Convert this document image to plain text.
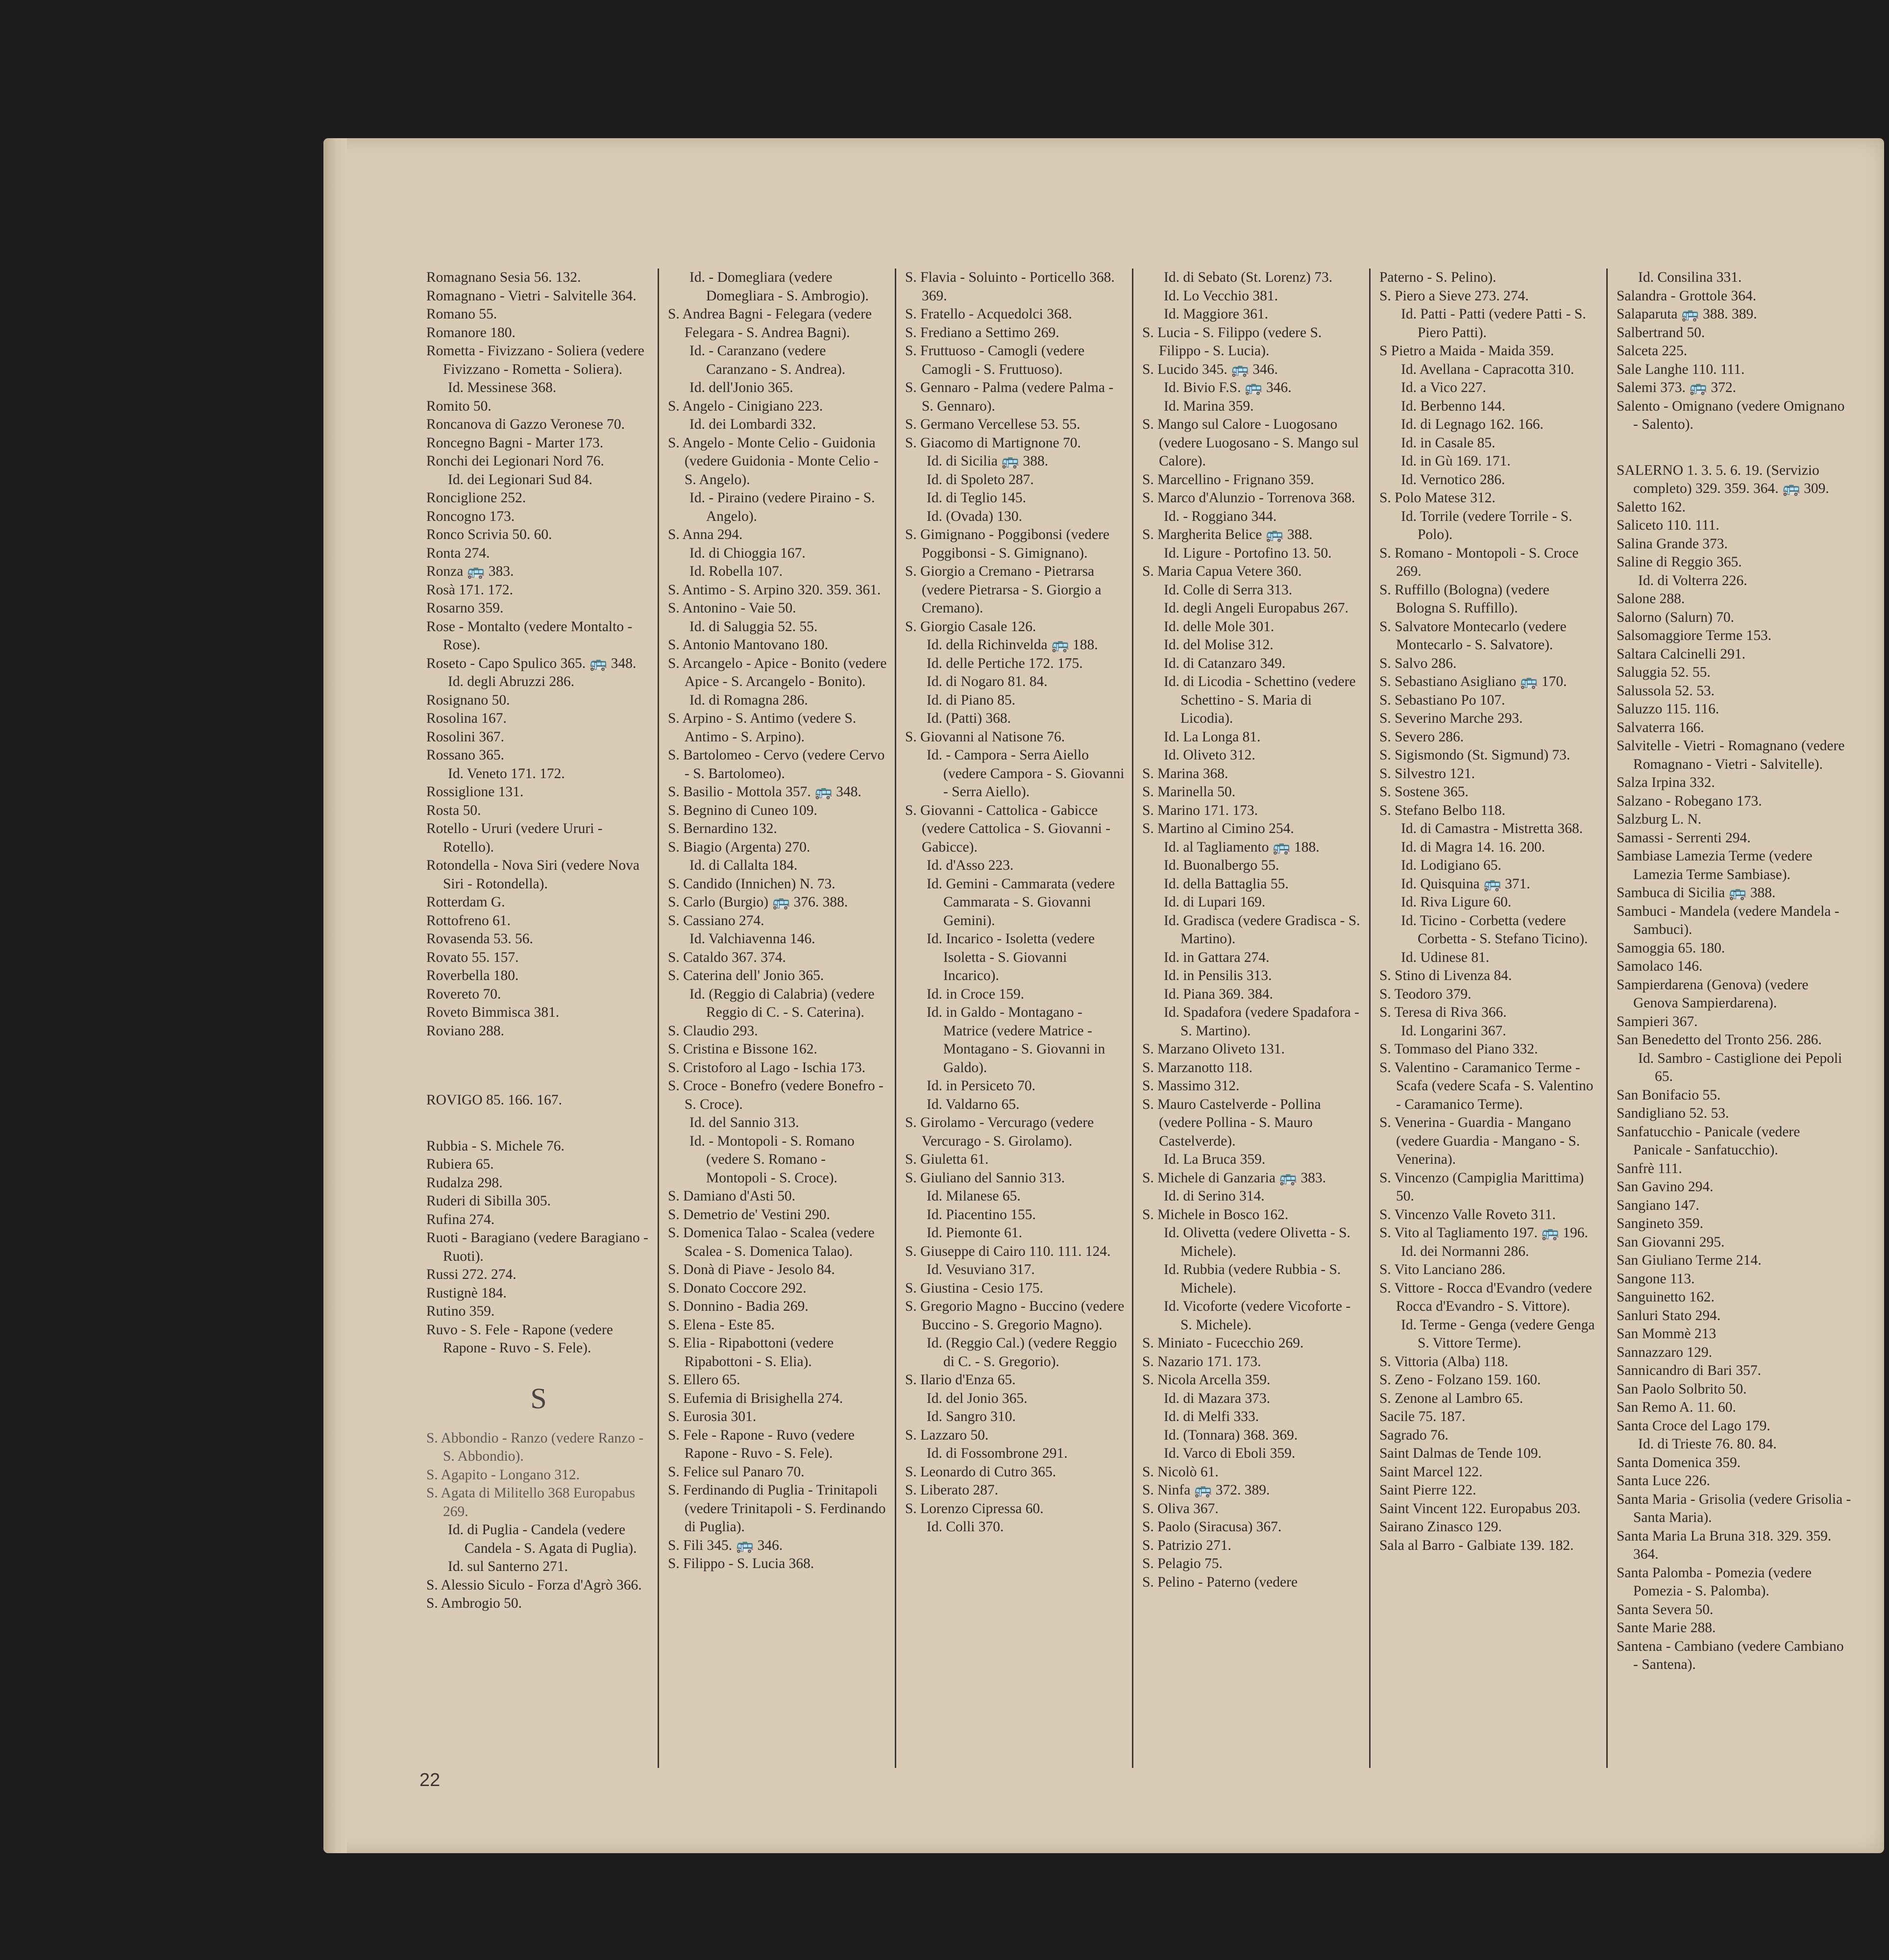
Romagnano Sesia 56. 132.
Romagnano - Vietri - Salvitelle 364.
Romano 55.
Romanore 180.
Rometta - Fivizzano - Soliera (vedere Fivizzano - Rometta - Soliera).
Id. Messinese 368.
Romito 50.
Roncanova di Gazzo Veronese 70.
Roncegno Bagni - Marter 173.
Ronchi dei Legionari Nord 76.
Id. dei Legionari Sud 84.
Ronciglione 252.
Roncogno 173.
Ronco Scrivia 50. 60.
Ronta 274.
Ronza 🚌 383.
Rosà 171. 172.
Rosarno 359.
Rose - Montalto (vedere Montalto - Rose).
Roseto - Capo Spulico 365. 🚌 348.
Id. degli Abruzzi 286.
Rosignano 50.
Rosolina 167.
Rosolini 367.
Rossano 365.
Id. Veneto 171. 172.
Rossiglione 131.
Rosta 50.
Rotello - Ururi (vedere Ururi - Rotello).
Rotondella - Nova Siri (vedere Nova Siri - Rotondella).
Rotterdam G.
Rottofreno 61.
Rovasenda 53. 56.
Rovato 55. 157.
Roverbella 180.
Rovereto 70.
Roveto Bimmisca 381.
Roviano 288.
ROVIGO 85. 166. 167.
Rubbia - S. Michele 76.
Rubiera 65.
Rudalza 298.
Ruderi di Sibilla 305.
Rufina 274.
Ruoti - Baragiano (vedere Baragiano - Ruoti).
Russi 272. 274.
Rustignè 184.
Rutino 359.
Ruvo - S. Fele - Rapone (vedere Rapone - Ruvo - S. Fele).
S
S. Abbondio - Ranzo (vedere Ranzo - S. Abbondio).
S. Agapito - Longano 312.
S. Agata di Militello 368 Europabus 269.
Id. di Puglia - Candela (vedere Candela - S. Agata di Puglia).
Id. sul Santerno 271.
S. Alessio Siculo - Forza d'Agrò 366.
S. Ambrogio 50.
Id. - Domegliara (vedere Domegliara - S. Ambrogio).
S. Andrea Bagni - Felegara (vedere Felegara - S. Andrea Bagni).
Id. - Caranzano (vedere Caranzano - S. Andrea).
Id. dell'Jonio 365.
S. Angelo - Cinigiano 223.
Id. dei Lombardi 332.
S. Angelo - Monte Celio - Guidonia (vedere Guidonia - Monte Celio - S. Angelo).
Id. - Piraino (vedere Piraino - S. Angelo).
S. Anna 294.
Id. di Chioggia 167.
Id. Robella 107.
S. Antimo - S. Arpino 320. 359. 361.
S. Antonino - Vaie 50.
Id. di Saluggia 52. 55.
S. Antonio Mantovano 180.
S. Arcangelo - Apice - Bonito (vedere Apice - S. Arcangelo - Bonito).
Id. di Romagna 286.
S. Arpino - S. Antimo (vedere S. Antimo - S. Arpino).
S. Bartolomeo - Cervo (vedere Cervo - S. Bartolomeo).
S. Basilio - Mottola 357. 🚌 348.
S. Begnino di Cuneo 109.
S. Bernardino 132.
S. Biagio (Argenta) 270.
Id. di Callalta 184.
S. Candido (Innichen) N. 73.
S. Carlo (Burgio) 🚌 376. 388.
S. Cassiano 274.
Id. Valchiavenna 146.
S. Cataldo 367. 374.
S. Caterina dell' Jonio 365.
Id. (Reggio di Calabria) (vedere Reggio di C. - S. Caterina).
S. Claudio 293.
S. Cristina e Bissone 162.
S. Cristoforo al Lago - Ischia 173.
S. Croce - Bonefro (vedere Bonefro - S. Croce).
Id. del Sannio 313.
Id. - Montopoli - S. Romano (vedere S. Romano - Montopoli - S. Croce).
S. Damiano d'Asti 50.
S. Demetrio de' Vestini 290.
S. Domenica Talao - Scalea (vedere Scalea - S. Domenica Talao).
S. Donà di Piave - Jesolo 84.
S. Donato Coccore 292.
S. Donnino - Badia 269.
S. Elena - Este 85.
S. Elia - Ripabottoni (vedere Ripabottoni - S. Elia).
S. Ellero 65.
S. Eufemia di Brisighella 274.
S. Eurosia 301.
S. Fele - Rapone - Ruvo (vedere Rapone - Ruvo - S. Fele).
S. Felice sul Panaro 70.
S. Ferdinando di Puglia - Trinitapoli (vedere Trinitapoli - S. Ferdinando di Puglia).
S. Fili 345. 🚌 346.
S. Filippo - S. Lucia 368.
S. Flavia - Soluinto - Porticello 368. 369.
S. Fratello - Acquedolci 368.
S. Frediano a Settimo 269.
S. Fruttuoso - Camogli (vedere Camogli - S. Fruttuoso).
S. Gennaro - Palma (vedere Palma - S. Gennaro).
S. Germano Vercellese 53. 55.
S. Giacomo di Martignone 70.
Id. di Sicilia 🚌 388.
Id. di Spoleto 287.
Id. di Teglio 145.
Id. (Ovada) 130.
S. Gimignano - Poggibonsi (vedere Poggibonsi - S. Gimignano).
S. Giorgio a Cremano - Pietrarsa (vedere Pietrarsa - S. Giorgio a Cremano).
S. Giorgio Casale 126.
Id. della Richinvelda 🚌 188.
Id. delle Pertiche 172. 175.
Id. di Nogaro 81. 84.
Id. di Piano 85.
Id. (Patti) 368.
S. Giovanni al Natisone 76.
Id. - Campora - Serra Aiello (vedere Campora - S. Giovanni - Serra Aiello).
S. Giovanni - Cattolica - Gabicce (vedere Cattolica - S. Giovanni - Gabicce).
Id. d'Asso 223.
Id. Gemini - Cammarata (vedere Cammarata - S. Giovanni Gemini).
Id. Incarico - Isoletta (vedere Isoletta - S. Giovanni Incarico).
Id. in Croce 159.
Id. in Galdo - Montagano - Matrice (vedere Matrice - Montagano - S. Giovanni in Galdo).
Id. in Persiceto 70.
Id. Valdarno 65.
S. Girolamo - Vercurago (vedere Vercurago - S. Girolamo).
S. Giuletta 61.
S. Giuliano del Sannio 313.
Id. Milanese 65.
Id. Piacentino 155.
Id. Piemonte 61.
S. Giuseppe di Cairo 110. 111. 124.
Id. Vesuviano 317.
S. Giustina - Cesio 175.
S. Gregorio Magno - Buccino (vedere Buccino - S. Gregorio Magno).
Id. (Reggio Cal.) (vedere Reggio di C. - S. Gregorio).
S. Ilario d'Enza 65.
Id. del Jonio 365.
Id. Sangro 310.
S. Lazzaro 50.
Id. di Fossombrone 291.
S. Leonardo di Cutro 365.
S. Liberato 287.
S. Lorenzo Cipressa 60.
Id. Colli 370.
Id. di Sebato (St. Lorenz) 73.
Id. Lo Vecchio 381.
Id. Maggiore 361.
S. Lucia - S. Filippo (vedere S. Filippo - S. Lucia).
S. Lucido 345. 🚌 346.
Id. Bivio F.S. 🚌 346.
Id. Marina 359.
S. Mango sul Calore - Luogosano (vedere Luogosano - S. Mango sul Calore).
S. Marcellino - Frignano 359.
S. Marco d'Alunzio - Torrenova 368.
Id. - Roggiano 344.
S. Margherita Belice 🚌 388.
Id. Ligure - Portofino 13. 50.
S. Maria Capua Vetere 360.
Id. Colle di Serra 313.
Id. degli Angeli Europabus 267.
Id. delle Mole 301.
Id. del Molise 312.
Id. di Catanzaro 349.
Id. di Licodia - Schettino (vedere Schettino - S. Maria di Licodia).
Id. La Longa 81.
Id. Oliveto 312.
S. Marina 368.
S. Marinella 50.
S. Marino 171. 173.
S. Martino al Cimino 254.
Id. al Tagliamento 🚌 188.
Id. Buonalbergo 55.
Id. della Battaglia 55.
Id. di Lupari 169.
Id. Gradisca (vedere Gradisca - S. Martino).
Id. in Gattara 274.
Id. in Pensilis 313.
Id. Piana 369. 384.
Id. Spadafora (vedere Spadafora - S. Martino).
S. Marzano Oliveto 131.
S. Marzanotto 118.
S. Massimo 312.
S. Mauro Castelverde - Pollina (vedere Pollina - S. Mauro Castelverde).
Id. La Bruca 359.
S. Michele di Ganzaria 🚌 383.
Id. di Serino 314.
S. Michele in Bosco 162.
Id. Olivetta (vedere Olivetta - S. Michele).
Id. Rubbia (vedere Rubbia - S. Michele).
Id. Vicoforte (vedere Vicoforte - S. Michele).
S. Miniato - Fucecchio 269.
S. Nazario 171. 173.
S. Nicola Arcella 359.
Id. di Mazara 373.
Id. di Melfi 333.
Id. (Tonnara) 368. 369.
Id. Varco di Eboli 359.
S. Nicolò 61.
S. Ninfa 🚌 372. 389.
S. Oliva 367.
S. Paolo (Siracusa) 367.
S. Patrizio 271.
S. Pelagio 75.
S. Pelino - Paterno (vedere
Paterno - S. Pelino).
S. Piero a Sieve 273. 274.
Id. Patti - Patti (vedere Patti - S. Piero Patti).
S Pietro a Maida - Maida 359.
Id. Avellana - Capracotta 310.
Id. a Vico 227.
Id. Berbenno 144.
Id. di Legnago 162. 166.
Id. in Casale 85.
Id. in Gù 169. 171.
Id. Vernotico 286.
S. Polo Matese 312.
Id. Torrile (vedere Torrile - S. Polo).
S. Romano - Montopoli - S. Croce 269.
S. Ruffillo (Bologna) (vedere Bologna S. Ruffillo).
S. Salvatore Montecarlo (vedere Montecarlo - S. Salvatore).
S. Salvo 286.
S. Sebastiano Asigliano 🚌 170.
S. Sebastiano Po 107.
S. Severino Marche 293.
S. Severo 286.
S. Sigismondo (St. Sigmund) 73.
S. Silvestro 121.
S. Sostene 365.
S. Stefano Belbo 118.
Id. di Camastra - Mistretta 368.
Id. di Magra 14. 16. 200.
Id. Lodigiano 65.
Id. Quisquina 🚌 371.
Id. Riva Ligure 60.
Id. Ticino - Corbetta (vedere Corbetta - S. Stefano Ticino).
Id. Udinese 81.
S. Stino di Livenza 84.
S. Teodoro 379.
S. Teresa di Riva 366.
Id. Longarini 367.
S. Tommaso del Piano 332.
S. Valentino - Caramanico Terme - Scafa (vedere Scafa - S. Valentino - Caramanico Terme).
S. Venerina - Guardia - Mangano (vedere Guardia - Mangano - S. Venerina).
S. Vincenzo (Campiglia Marittima) 50.
S. Vincenzo Valle Roveto 311.
S. Vito al Tagliamento 197. 🚌 196.
Id. dei Normanni 286.
S. Vito Lanciano 286.
S. Vittore - Rocca d'Evandro (vedere Rocca d'Evandro - S. Vittore).
Id. Terme - Genga (vedere Genga S. Vittore Terme).
S. Vittoria (Alba) 118.
S. Zeno - Folzano 159. 160.
S. Zenone al Lambro 65.
Sacile 75. 187.
Sagrado 76.
Saint Dalmas de Tende 109.
Saint Marcel 122.
Saint Pierre 122.
Saint Vincent 122. Europabus 203.
Sairano Zinasco 129.
Sala al Barro - Galbiate 139. 182.
Id. Consilina 331.
Salandra - Grottole 364.
Salaparuta 🚌 388. 389.
Salbertrand 50.
Salceta 225.
Sale Langhe 110. 111.
Salemi 373. 🚌 372.
Salento - Omignano (vedere Omignano - Salento).
SALERNO 1. 3. 5. 6. 19. (Servizio completo) 329. 359. 364. 🚌 309.
Saletto 162.
Saliceto 110. 111.
Salina Grande 373.
Saline di Reggio 365.
Id. di Volterra 226.
Salone 288.
Salorno (Salurn) 70.
Salsomaggiore Terme 153.
Saltara Calcinelli 291.
Saluggia 52. 55.
Salussola 52. 53.
Saluzzo 115. 116.
Salvaterra 166.
Salvitelle - Vietri - Romagnano (vedere Romagnano - Vietri - Salvitelle).
Salza Irpina 332.
Salzano - Robegano 173.
Salzburg L. N.
Samassi - Serrenti 294.
Sambiase Lamezia Terme (vedere Lamezia Terme Sambiase).
Sambuca di Sicilia 🚌 388.
Sambuci - Mandela (vedere Mandela - Sambuci).
Samoggia 65. 180.
Samolaco 146.
Sampierdarena (Genova) (vedere Genova Sampierdarena).
Sampieri 367.
San Benedetto del Tronto 256. 286.
Id. Sambro - Castiglione dei Pepoli 65.
San Bonifacio 55.
Sandigliano 52. 53.
Sanfatucchio - Panicale (vedere Panicale - Sanfatucchio).
Sanfrè 111.
San Gavino 294.
Sangiano 147.
Sangineto 359.
San Giovanni 295.
San Giuliano Terme 214.
Sangone 113.
Sanguinetto 162.
Sanluri Stato 294.
San Mommè 213
Sannazzaro 129.
Sannicandro di Bari 357.
San Paolo Solbrito 50.
San Remo A. 11. 60.
Santa Croce del Lago 179.
Id. di Trieste 76. 80. 84.
Santa Domenica 359.
Santa Luce 226.
Santa Maria - Grisolia (vedere Grisolia - Santa Maria).
Santa Maria La Bruna 318. 329. 359. 364.
Santa Palomba - Pomezia (vedere Pomezia - S. Palomba).
Santa Severa 50.
Sante Marie 288.
Santena - Cambiano (vedere Cambiano - Santena).
22
